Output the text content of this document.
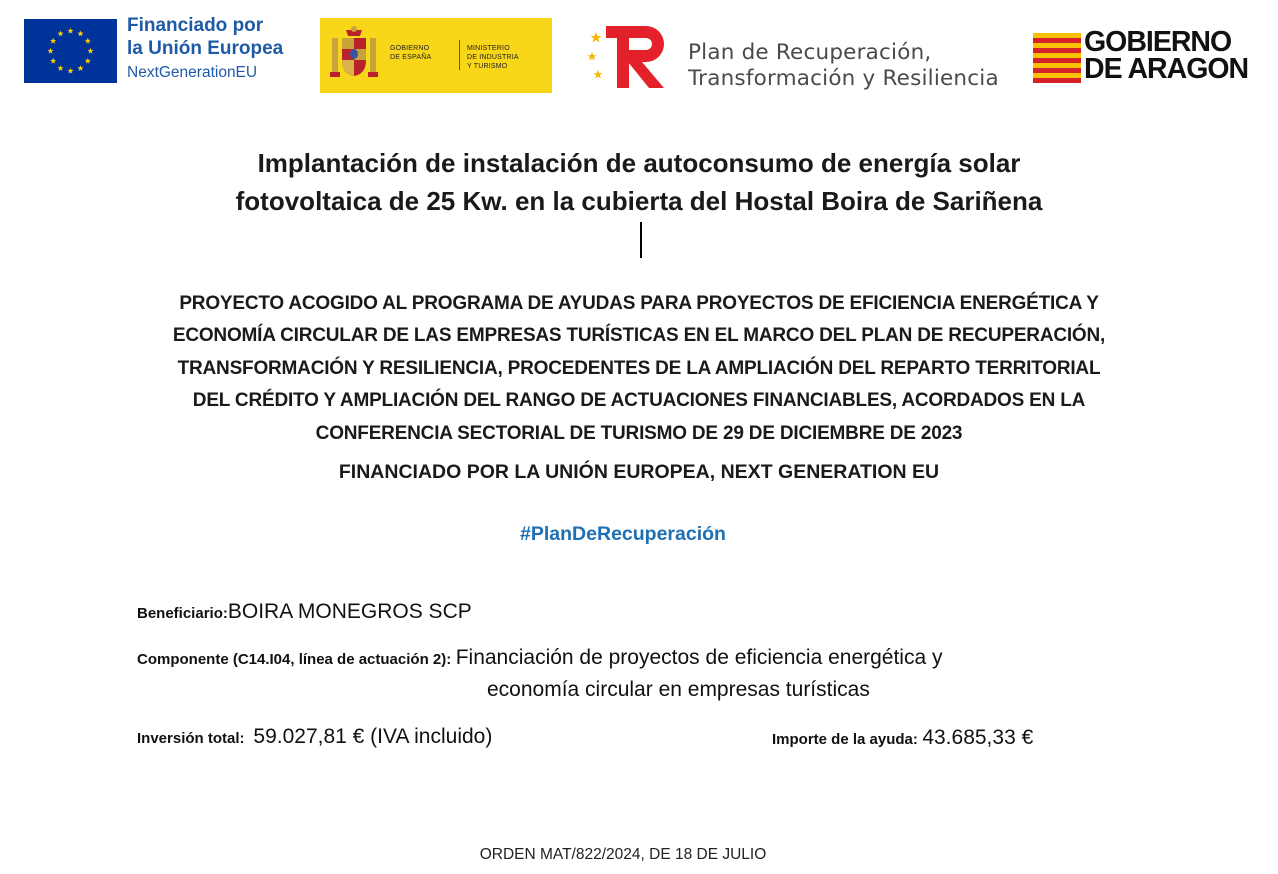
Financiado por
la Unión Europea
NextGenerationEU
GOBIERNO
DE ESPAÑA
MINISTERIO
DE INDUSTRIA
Y TURISMO
Plan de Recuperación,
Transformación y Resiliencia
GOBIERNO
DE ARAGON
Implantación de instalación de autoconsumo de energía solar
fotovoltaica de 25 Kw. en la cubierta del Hostal Boira de Sariñena
PROYECTO ACOGIDO AL PROGRAMA DE AYUDAS PARA PROYECTOS DE EFICIENCIA ENERGÉTICA Y
ECONOMÍA CIRCULAR DE LAS EMPRESAS TURÍSTICAS EN EL MARCO DEL PLAN DE RECUPERACIÓN,
TRANSFORMACIÓN Y RESILIENCIA, PROCEDENTES DE LA AMPLIACIÓN DEL REPARTO TERRITORIAL
DEL CRÉDITO Y AMPLIACIÓN DEL RANGO DE ACTUACIONES FINANCIABLES, ACORDADOS EN LA
CONFERENCIA SECTORIAL DE TURISMO DE 29 DE DICIEMBRE DE 2023
FINANCIADO POR LA UNIÓN EUROPEA, NEXT GENERATION EU
#PlanDeRecuperación
Beneficiario:BOIRA MONEGROS SCP
Componente (C14.I04, línea de actuación 2): Financiación de proyectos de eficiencia energética y
economía circular en empresas turísticas
Inversión total: 59.027,81 € (IVA incluido)	Importe de la ayuda: 43.685,33 €
ORDEN MAT/822/2024, DE 18 DE JULIO
